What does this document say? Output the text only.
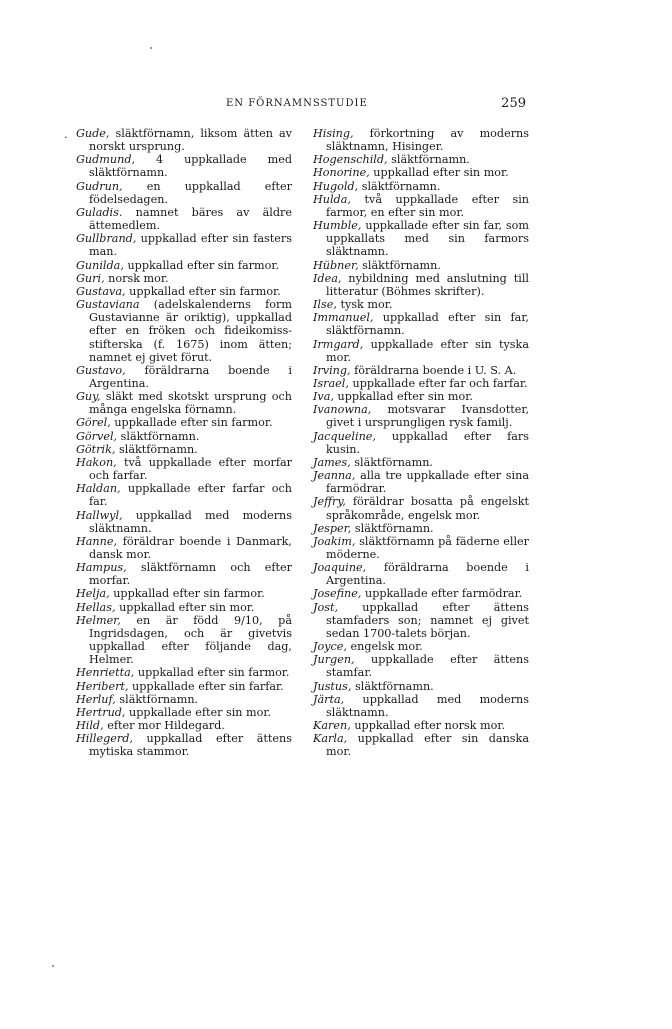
EN FÖRNAMNSSTUDIE	259
. Gude, släktförnamn, liksom ätten av norskt ursprung.
Gudmund, 4 uppkallade med släktförnamn.
Gudrun, en uppkallad efter födelsedagen.
Guladis. namnet bäres av äldre ättemedlem.
Gullbrand, uppkallad efter sin fasters man.
Gunilda, uppkallad efter sin farmor.
Guri, norsk mor.
Gustava, uppkallad efter sin farmor.
Gustaviana (adelskalenderns form Gustavianne är oriktig), uppkallad efter en fröken och fideikomiss-stifterska (f. 1675) inom ätten; namnet ej givet förut.
Gustavo, föräldrarna boende i Argentina.
Guy, släkt med skotskt ursprung och många engelska förnamn.
Görel, uppkallade efter sin farmor.
Görvel, släktförnamn.
Götrik, släktförnamn.
Hakon, två uppkallade efter morfar och farfar.
Haldan, uppkallade efter farfar och far.
Hallwyl, uppkallad med moderns släktnamn.
Hanne, föräldrar boende i Danmark, dansk mor.
Hampus, släktförnamn och efter morfar.
Helja, uppkallad efter sin farmor.
Hellas, uppkallad efter sin mor.
Helmer, en är född 9/10, på Ingridsdagen, och är givetvis uppkallad efter följande dag, Helmer.
Henrietta, uppkallad efter sin farmor.
Heribert, uppkallade efter sin farfar.
Herluf, släktförnamn.
Hertrud, uppkallade efter sin mor.
Hild, efter mor Hildegard.
Hillegerd, uppkallad efter ättens mytiska stammor.
Hising, förkortning av moderns släktnamn, Hisinger.
Hogenschild, släktförnamn.
Honorine, uppkallad efter sin mor.
Hugold, släktförnamn.
Hulda, två uppkallade efter sin farmor, en efter sin mor.
Humble, uppkallade efter sin far, som uppkallats med sin farmors släktnamn.
Hübner, släktförnamn.
Idea, nybildning med anslutning till litteratur (Böhmes skrifter).
Ilse, tysk mor.
Immanuel, uppkallad efter sin far, släktförnamn.
Irmgard, uppkallade efter sin tyska mor.
Irving, föräldrarna boende i U. S. A.
Israel, uppkallade efter far och farfar.
Iva, uppkallad efter sin mor.
Ivanowna, motsvarar Ivansdotter, givet i ursprungligen rysk familj.
Jacqueline, uppkallad efter fars kusin.
James, släktförnamn.
Jeanna, alla tre uppkallade efter sina farmödrar.
Jeffry, föräldrar bosatta på engelskt språkområde, engelsk mor.
Jesper, släktförnamn.
Joakim, släktförnamn på fäderne eller möderne.
Joaquine, föräldrarna boende i Argentina.
Josefine, uppkallade efter farmödrar.
Jost, uppkallad efter ättens stamfaders son; namnet ej givet sedan 1700-talets början.
Joyce, engelsk mor.
Jurgen, uppkallade efter ättens stamfar.
Justus, släktförnamn.
Järta, uppkallad med moderns släktnamn.
Karen, uppkallad efter norsk mor.
Karla, uppkallad efter sin danska mor.
